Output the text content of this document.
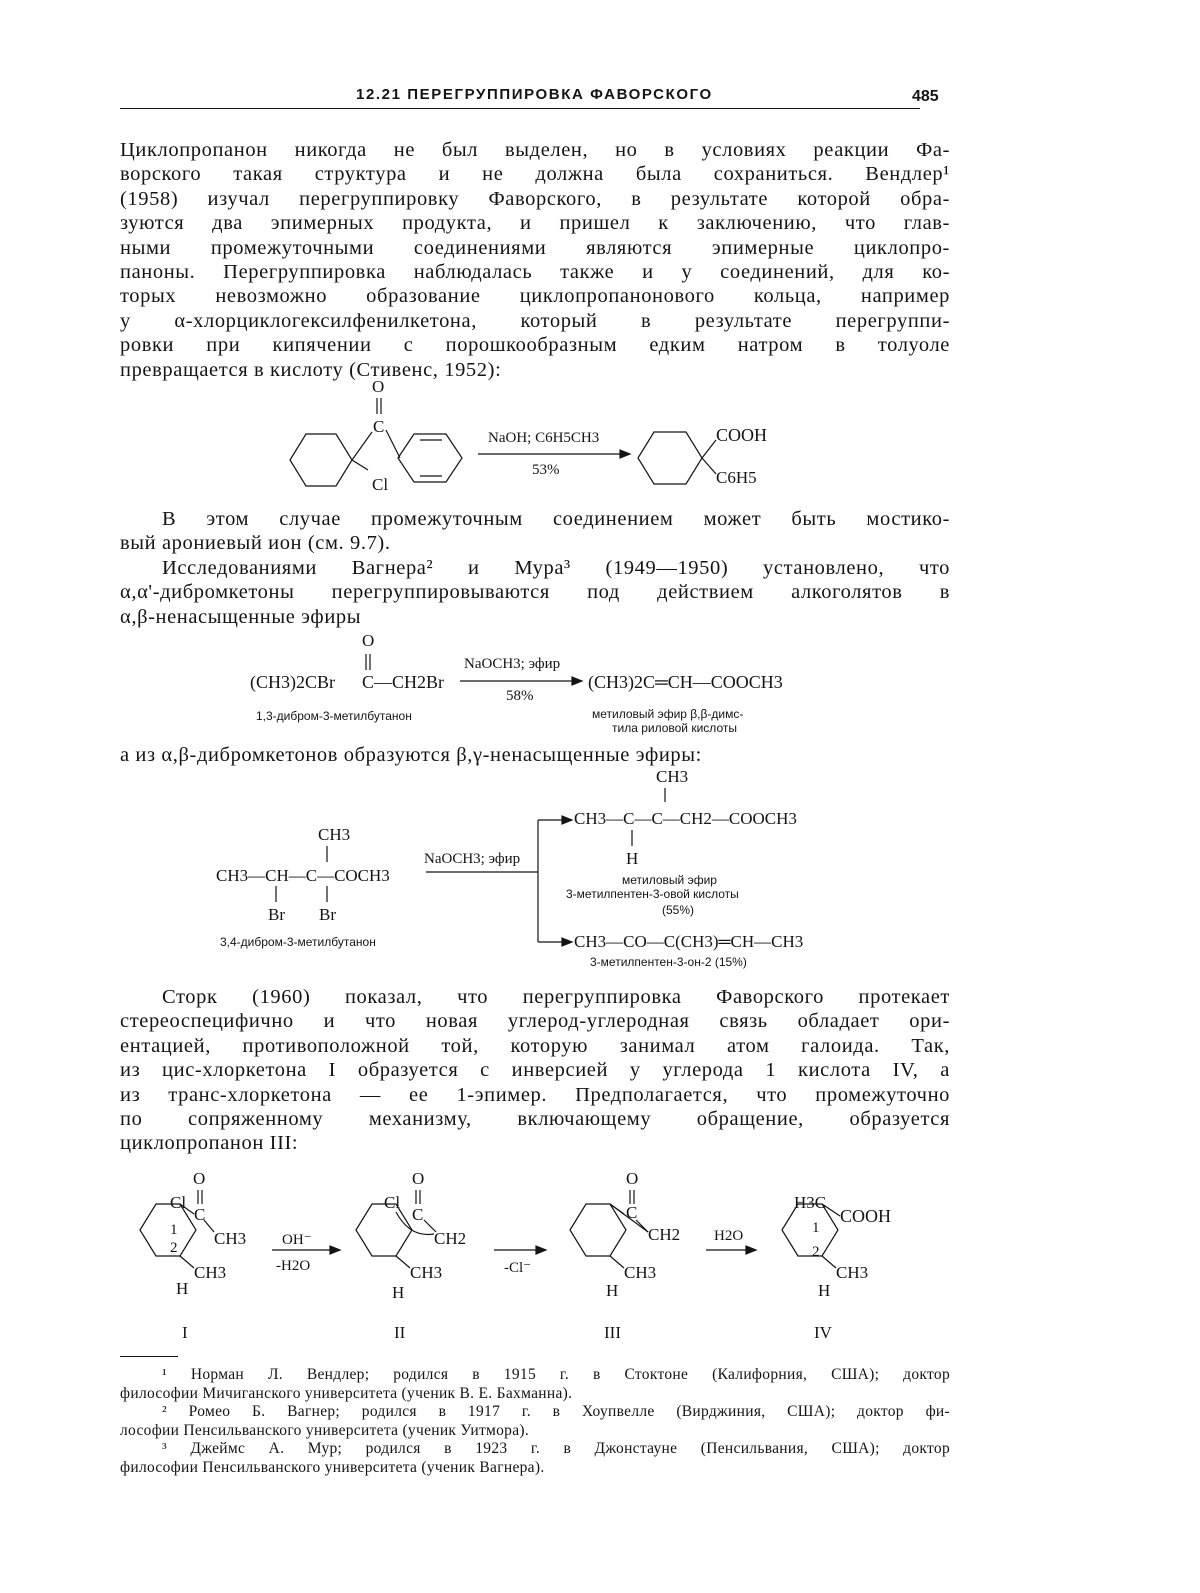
12.21 ПЕРЕГРУППИРОВКА ФАВОРСКОГО	485
Циклопропанон никогда не был выделен, но в условиях реакции Фа-
ворского такая структура и не должна была сохраниться. Вендлер¹
(1958) изучал перегруппировку Фаворского, в результате которой обра-
зуются два эпимерных продукта, и пришел к заключению, что глав-
ными промежуточными соединениями являются эпимерные циклопро-
паноны. Перегруппировка наблюдалась также и у соединений, для ко-
торых невозможно образование циклопропанонового кольца, например
у α-хлорциклогексилфенилкетона, который в результате перегруппи-
ровки при кипячении с порошкообразным едким натром в толуоле
превращается в кислоту (Стивенс, 1952):
O
C
Cl
NaOH; C6H5CH3
53%
COOH
C6H5
В этом случае промежуточным соединением может быть мостико-
вый арониевый ион (см. 9.7).
Исследованиями Вагнера² и Мура³ (1949—1950) установлено, что
α,α'-дибромкетоны перегруппировываются под действием алкоголятов в
α,β-ненасыщенные эфиры
O
(CH3)2CBr C—CH2Br
NaOCH3; эфир
58%
(CH3)2C═CH—COOCH3
1,3-дибром-3-метилбутанон	метиловый эфир β,β-димс-
тила риловой кислоты
а из α,β-дибромкетонов образуются β,γ-ненасыщенные эфиры:
CH3
CH3—CH—C—COCH3
Br Br
3,4-дибром-3-метилбутанон
NaOCH3; эфир
CH3
CH3—C—C—CH2—COOCH3
H
метиловый эфир
3-метилпентен-3-овой кислоты
(55%)
CH3—CO—C(CH3)═CH—CH3
3-метилпентен-3-он-2 (15%)
Сторк (1960) показал, что перегруппировка Фаворского протекает
стереоспецифично и что новая углерод-углеродная связь обладает ори-
ентацией, противоположной той, которую занимал атом галоида. Так,
из цис-хлоркетона I образуется с инверсией у углерода 1 кислота IV, а
из транс-хлоркетона — ее 1-эпимер. Предполагается, что промежуточно
по сопряженному механизму, включающему обращение, образуется
циклопропанон III:
O
Cl
C
CH3
1
2
CH3
H
I
OH⁻
-H2O
O
Cl
C
CH2
CH3
H
II
-Cl⁻
O
C
CH2
CH3
H
III
H2O
H3C
COOH
1
2
CH3
H
IV
¹ Норман Л. Вендлер; родился в 1915 г. в Стоктоне (Калифорния, США); доктор
философии Мичиганского университета (ученик В. Е. Бахманна).
² Ромео Б. Вагнер; родился в 1917 г. в Хоупвелле (Вирджиния, США); доктор фи-
лософии Пенсильванского университета (ученик Уитмора).
³ Джеймс А. Мур; родился в 1923 г. в Джонстауне (Пенсильвания, США); доктор
философии Пенсильванского университета (ученик Вагнера).
